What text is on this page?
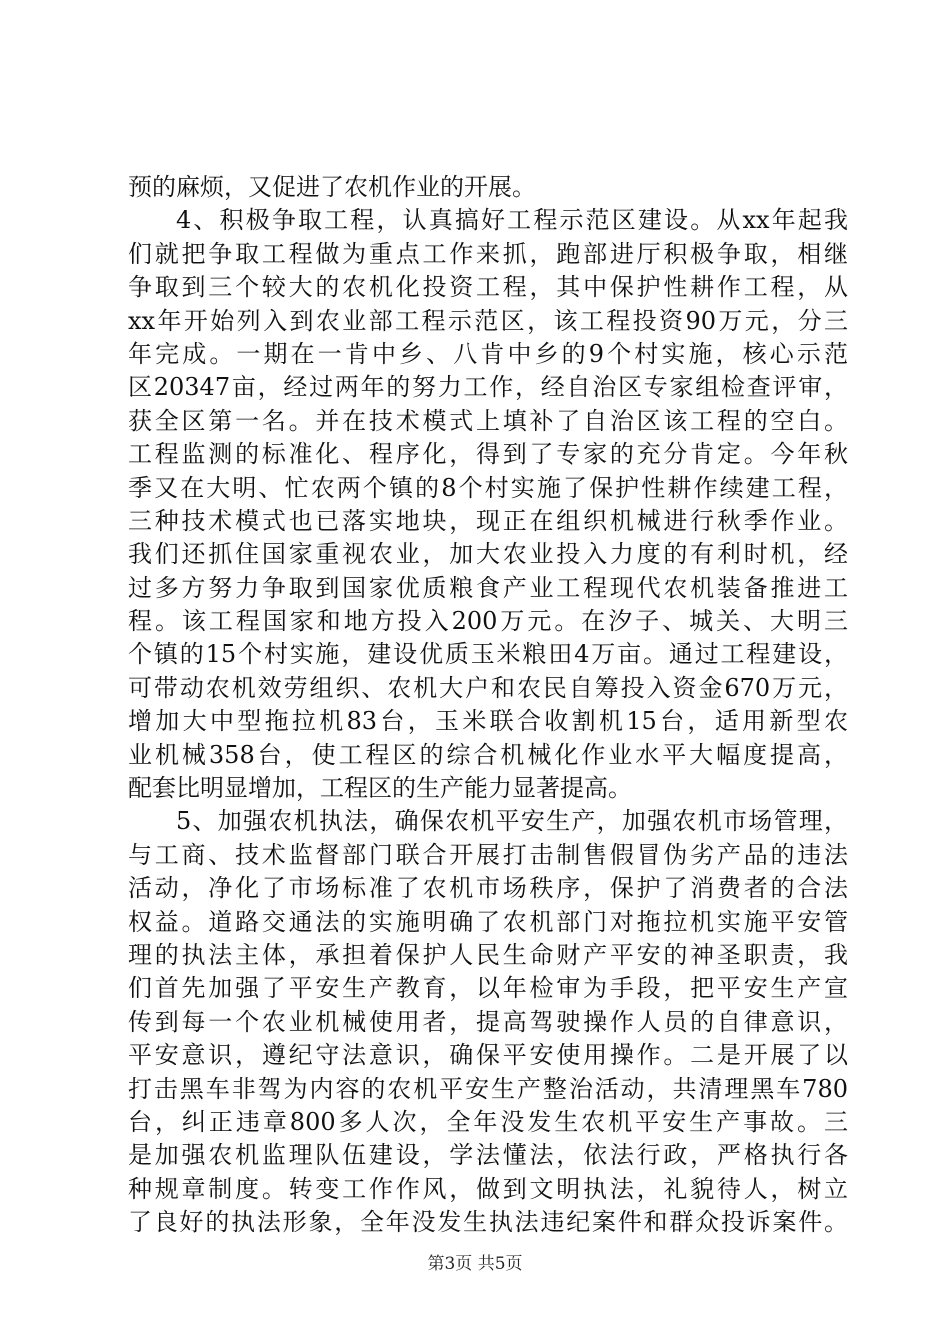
预的麻烦，又促进了农机作业的开展。
4、积极争取工程，认真搞好工程示范区建设。从xx年起我
们就把争取工程做为重点工作来抓，跑部进厅积极争取，相继
争取到三个较大的农机化投资工程，其中保护性耕作工程，从
xx年开始列入到农业部工程示范区，该工程投资90万元，分三
年完成。一期在一肯中乡、八肯中乡的9个村实施，核心示范
区20347亩，经过两年的努力工作，经自治区专家组检查评审，
获全区第一名。并在技术模式上填补了自治区该工程的空白。
工程监测的标准化、程序化，得到了专家的充分肯定。今年秋
季又在大明、忙农两个镇的8个村实施了保护性耕作续建工程，
三种技术模式也已落实地块，现正在组织机械进行秋季作业。
我们还抓住国家重视农业，加大农业投入力度的有利时机，经
过多方努力争取到国家优质粮食产业工程现代农机装备推进工
程。该工程国家和地方投入200万元。在汐子、城关、大明三
个镇的15个村实施，建设优质玉米粮田4万亩。通过工程建设，
可带动农机效劳组织、农机大户和农民自筹投入资金670万元，
增加大中型拖拉机83台，玉米联合收割机15台，适用新型农
业机械358台，使工程区的综合机械化作业水平大幅度提高，
配套比明显增加，工程区的生产能力显著提高。
5、加强农机执法，确保农机平安生产，加强农机市场管理，
与工商、技术监督部门联合开展打击制售假冒伪劣产品的违法
活动，净化了市场标准了农机市场秩序，保护了消费者的合法
权益。道路交通法的实施明确了农机部门对拖拉机实施平安管
理的执法主体，承担着保护人民生命财产平安的神圣职责，我
们首先加强了平安生产教育，以年检审为手段，把平安生产宣
传到每一个农业机械使用者，提高驾驶操作人员的自律意识，
平安意识，遵纪守法意识，确保平安使用操作。二是开展了以
打击黑车非驾为内容的农机平安生产整治活动，共清理黑车780
台，纠正违章800多人次，全年没发生农机平安生产事故。三
是加强农机监理队伍建设，学法懂法，依法行政，严格执行各
种规章制度。转变工作作风，做到文明执法，礼貌待人，树立
了良好的执法形象，全年没发生执法违纪案件和群众投诉案件。
第3页 共5页
